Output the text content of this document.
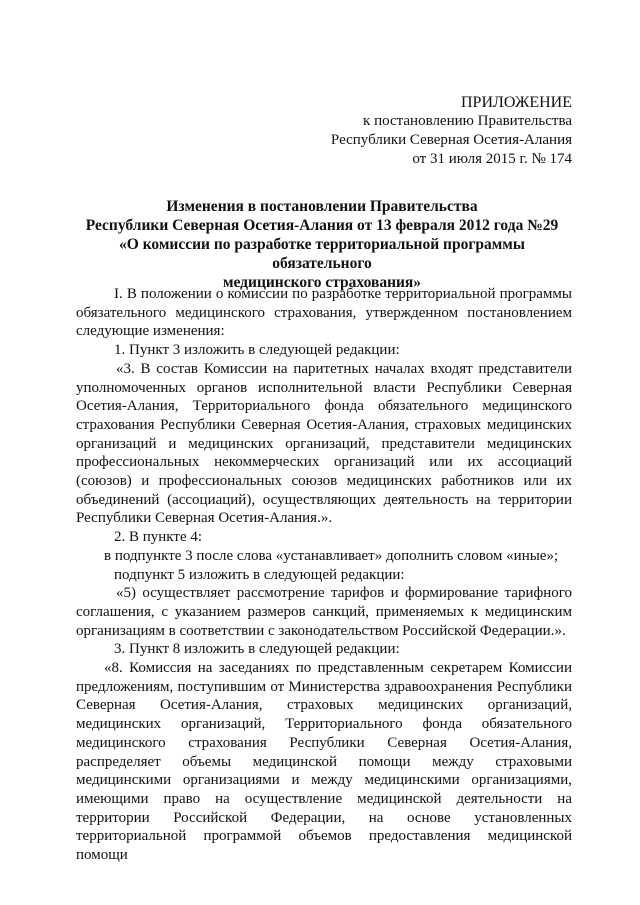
ПРИЛОЖЕНИЕ
к постановлению Правительства
Республики Северная Осетия-Алания
от 31 июля 2015 г. № 174
Изменения в постановлении Правительства
Республики Северная Осетия-Алания от 13 февраля 2012 года №29
«О комиссии по разработке территориальной программы обязательного
медицинского страхования»

I. В положении о комиссии по разработке территориальной программы обязательного медицинского страхования, утвержденном постановлением следующие изменения:

1. Пункт 3 изложить в следующей редакции:

«3. В состав Комиссии на паритетных началах входят представители уполномоченных органов исполнительной власти Республики Северная Осетия-Алания, Территориального фонда обязательного медицинского страхования Республики Северная Осетия-Алания, страховых медицинских организаций и медицинских организаций, представители медицинских профессиональных некоммерческих организаций или их ассоциаций (союзов) и профессиональных союзов медицинских работников или их объединений (ассоциаций), осуществляющих деятельность на территории Республики Северная Осетия-Алания.».

2. В пункте 4:

в подпункте 3 после слова «устанавливает» дополнить словом «иные»;

подпункт 5 изложить в следующей редакции:

«5) осуществляет рассмотрение тарифов и формирование тарифного соглашения, с указанием размеров санкций, применяемых к медицинским организациям в соответствии с законодательством Российской Федерации.».

3. Пункт 8 изложить в следующей редакции:

«8. Комиссия на заседаниях по представленным секретарем Комиссии предложениям, поступившим от Министерства здравоохранения Республики Северная Осетия-Алания, страховых медицинских организаций, медицинских организаций, Территориального фонда обязательного медицинского страхования Республики Северная Осетия-Алания, распределяет объемы медицинской помощи между страховыми медицинскими организациями и между медицинскими организациями, имеющими право на осуществление медицинской деятельности на территории Российской Федерации, на основе установленных территориальной программой объемов предоставления медицинской помощи
